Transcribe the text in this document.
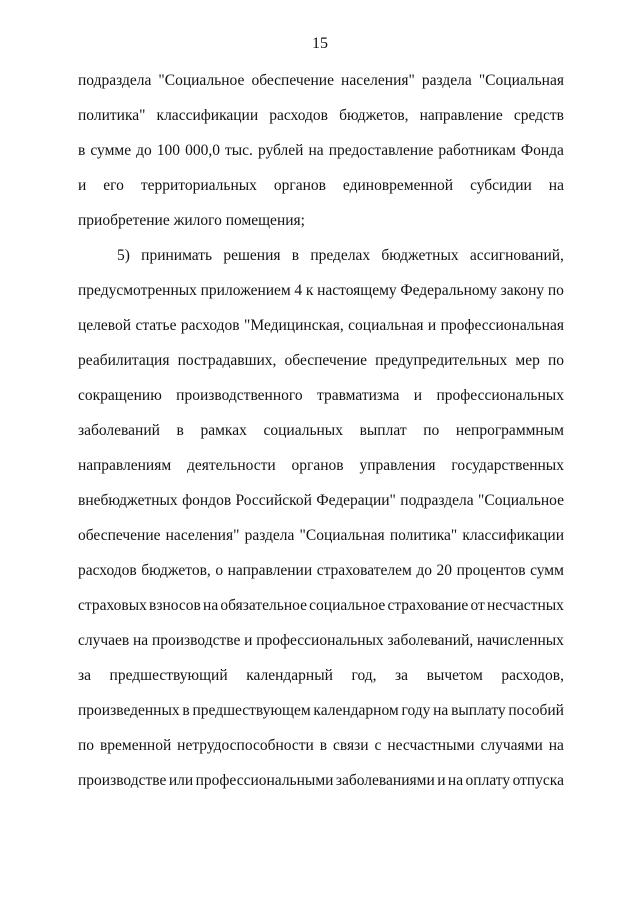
15
подраздела "Социальное обеспечение населения" раздела "Социальная
политика" классификации расходов бюджетов, направление средств
в сумме до 100 000,0 тыс. рублей на предоставление работникам Фонда
и его территориальных органов единовременной субсидии на
приобретение жилого помещения;
5) принимать решения в пределах бюджетных ассигнований,
предусмотренных приложением 4 к настоящему Федеральному закону по
целевой статье расходов "Медицинская, социальная и профессиональная
реабилитация пострадавших, обеспечение предупредительных мер по
сокращению производственного травматизма и профессиональных
заболеваний в рамках социальных выплат по непрограммным
направлениям деятельности органов управления государственных
внебюджетных фондов Российской Федерации" подраздела "Социальное
обеспечение населения" раздела "Социальная политика" классификации
расходов бюджетов, о направлении страхователем до 20 процентов сумм
страховых взносов на обязательное социальное страхование от несчастных
случаев на производстве и профессиональных заболеваний, начисленных
за предшествующий календарный год, за вычетом расходов,
произведенных в предшествующем календарном году на выплату пособий
по временной нетрудоспособности в связи с несчастными случаями на
производстве или профессиональными заболеваниями и на оплату отпуска
